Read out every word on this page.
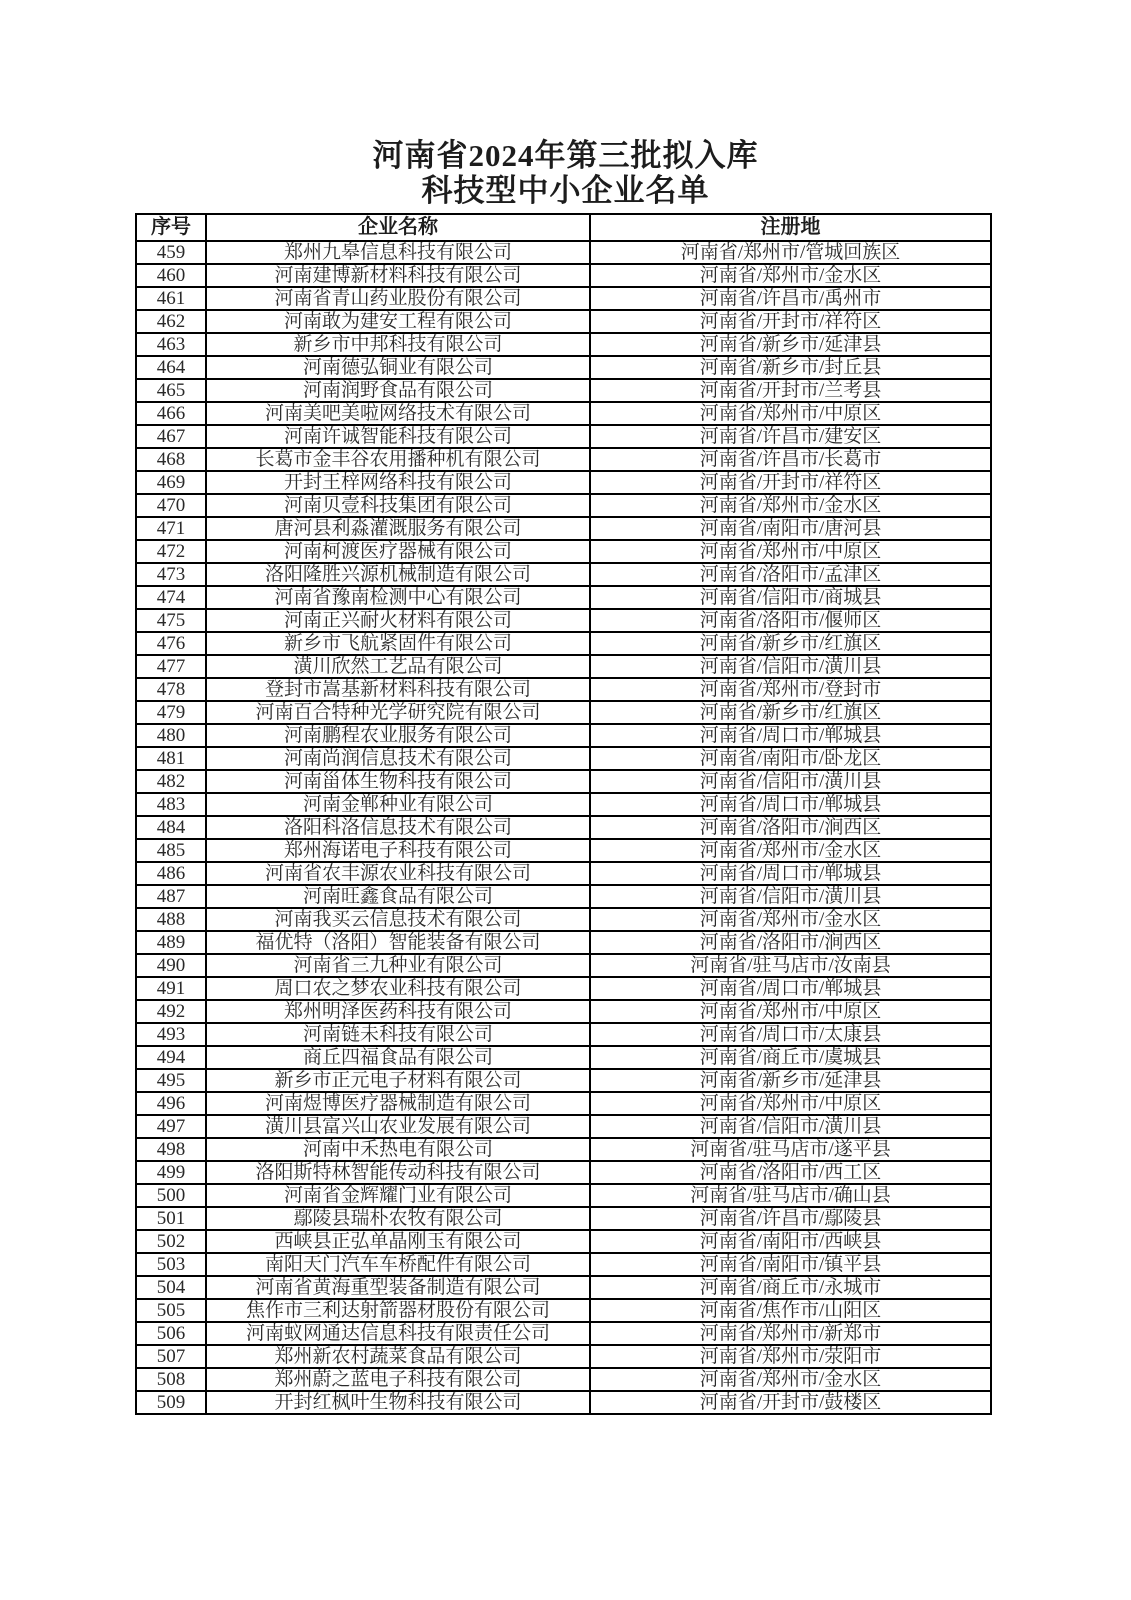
河南省2024年第三批拟入库
科技型中小企业名单
序号	企业名称	注册地
459	郑州九皋信息科技有限公司	河南省/郑州市/管城回族区
460	河南建博新材料科技有限公司	河南省/郑州市/金水区
461	河南省青山药业股份有限公司	河南省/许昌市/禹州市
462	河南敢为建安工程有限公司	河南省/开封市/祥符区
463	新乡市中邦科技有限公司	河南省/新乡市/延津县
464	河南德弘铜业有限公司	河南省/新乡市/封丘县
465	河南润野食品有限公司	河南省/开封市/兰考县
466	河南美吧美啦网络技术有限公司	河南省/郑州市/中原区
467	河南许诚智能科技有限公司	河南省/许昌市/建安区
468	长葛市金丰谷农用播种机有限公司	河南省/许昌市/长葛市
469	开封王梓网络科技有限公司	河南省/开封市/祥符区
470	河南贝壹科技集团有限公司	河南省/郑州市/金水区
471	唐河县利淼灌溉服务有限公司	河南省/南阳市/唐河县
472	河南柯渡医疗器械有限公司	河南省/郑州市/中原区
473	洛阳隆胜兴源机械制造有限公司	河南省/洛阳市/孟津区
474	河南省豫南检测中心有限公司	河南省/信阳市/商城县
475	河南正兴耐火材料有限公司	河南省/洛阳市/偃师区
476	新乡市飞航紧固件有限公司	河南省/新乡市/红旗区
477	潢川欣然工艺品有限公司	河南省/信阳市/潢川县
478	登封市嵩基新材料科技有限公司	河南省/郑州市/登封市
479	河南百合特种光学研究院有限公司	河南省/新乡市/红旗区
480	河南鹏程农业服务有限公司	河南省/周口市/郸城县
481	河南尚润信息技术有限公司	河南省/南阳市/卧龙区
482	河南甾体生物科技有限公司	河南省/信阳市/潢川县
483	河南金郸种业有限公司	河南省/周口市/郸城县
484	洛阳科洛信息技术有限公司	河南省/洛阳市/涧西区
485	郑州海诺电子科技有限公司	河南省/郑州市/金水区
486	河南省农丰源农业科技有限公司	河南省/周口市/郸城县
487	河南旺鑫食品有限公司	河南省/信阳市/潢川县
488	河南我买云信息技术有限公司	河南省/郑州市/金水区
489	福优特（洛阳）智能装备有限公司	河南省/洛阳市/涧西区
490	河南省三九种业有限公司	河南省/驻马店市/汝南县
491	周口农之梦农业科技有限公司	河南省/周口市/郸城县
492	郑州明泽医药科技有限公司	河南省/郑州市/中原区
493	河南链未科技有限公司	河南省/周口市/太康县
494	商丘四福食品有限公司	河南省/商丘市/虞城县
495	新乡市正元电子材料有限公司	河南省/新乡市/延津县
496	河南煜博医疗器械制造有限公司	河南省/郑州市/中原区
497	潢川县富兴山农业发展有限公司	河南省/信阳市/潢川县
498	河南中禾热电有限公司	河南省/驻马店市/遂平县
499	洛阳斯特林智能传动科技有限公司	河南省/洛阳市/西工区
500	河南省金辉耀门业有限公司	河南省/驻马店市/确山县
501	鄢陵县瑞朴农牧有限公司	河南省/许昌市/鄢陵县
502	西峡县正弘单晶刚玉有限公司	河南省/南阳市/西峡县
503	南阳天门汽车车桥配件有限公司	河南省/南阳市/镇平县
504	河南省黄海重型装备制造有限公司	河南省/商丘市/永城市
505	焦作市三利达射箭器材股份有限公司	河南省/焦作市/山阳区
506	河南蚁网通达信息科技有限责任公司	河南省/郑州市/新郑市
507	郑州新农村蔬菜食品有限公司	河南省/郑州市/荥阳市
508	郑州蔚之蓝电子科技有限公司	河南省/郑州市/金水区
509	开封红枫叶生物科技有限公司	河南省/开封市/鼓楼区
